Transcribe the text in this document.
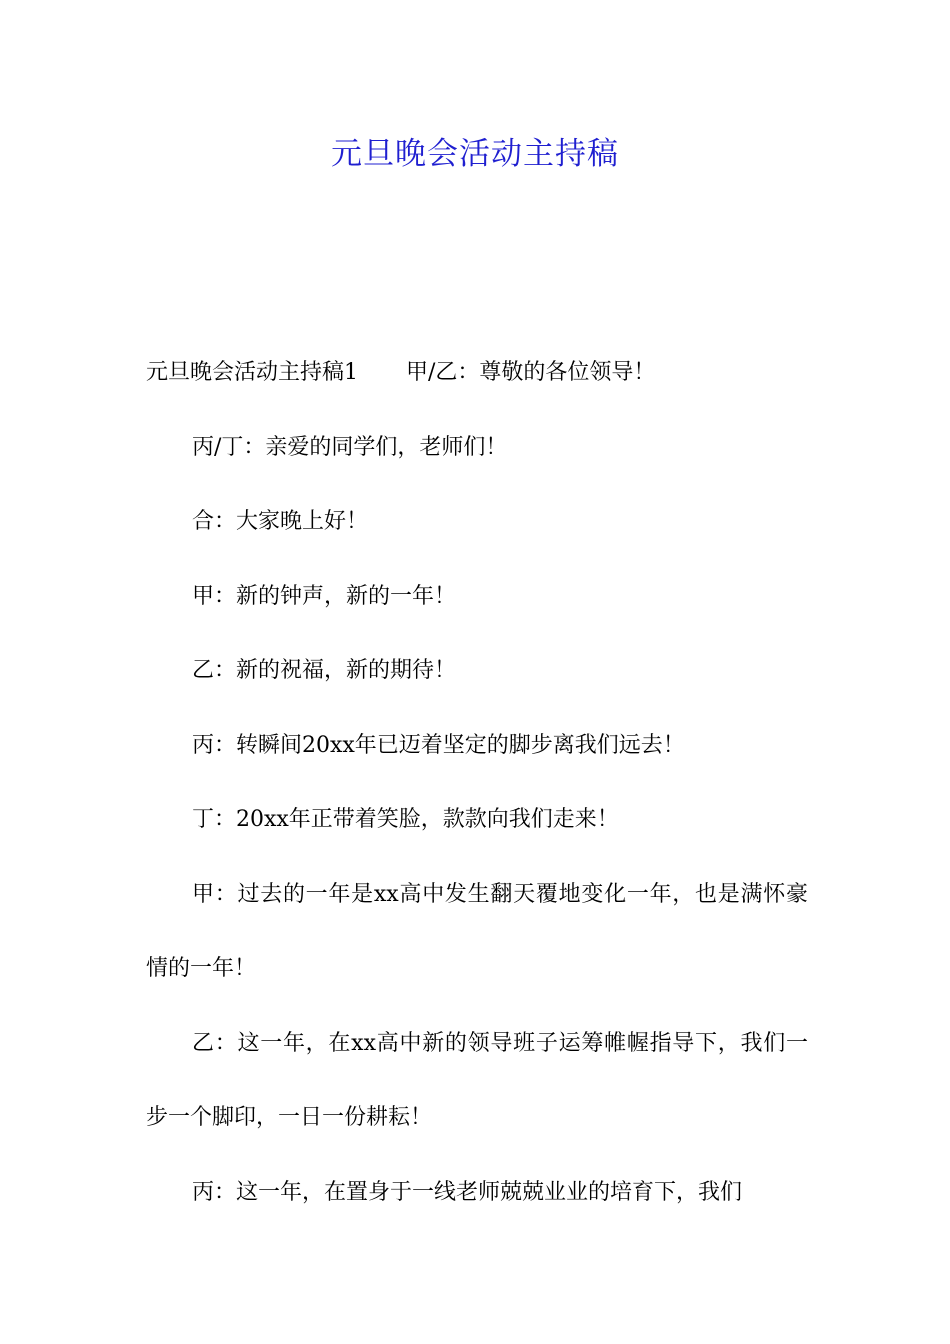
元旦晚会活动主持稿

元旦晚会活动主持稿1 甲/乙：尊敬的各位领导！

丙/丁：亲爱的同学们，老师们！

合：大家晚上好！

甲：新的钟声，新的一年！

乙：新的祝福，新的期待！

丙：转瞬间20xx年已迈着坚定的脚步离我们远去！

丁：20xx年正带着笑脸，款款向我们走来！

甲：过去的一年是xx高中发生翻天覆地变化一年，也是满怀豪情的一年！

乙：这一年，在xx高中新的领导班子运筹帷幄指导下，我们一步一个脚印，一日一份耕耘！

丙：这一年，在置身于一线老师兢兢业业的培育下，我们
